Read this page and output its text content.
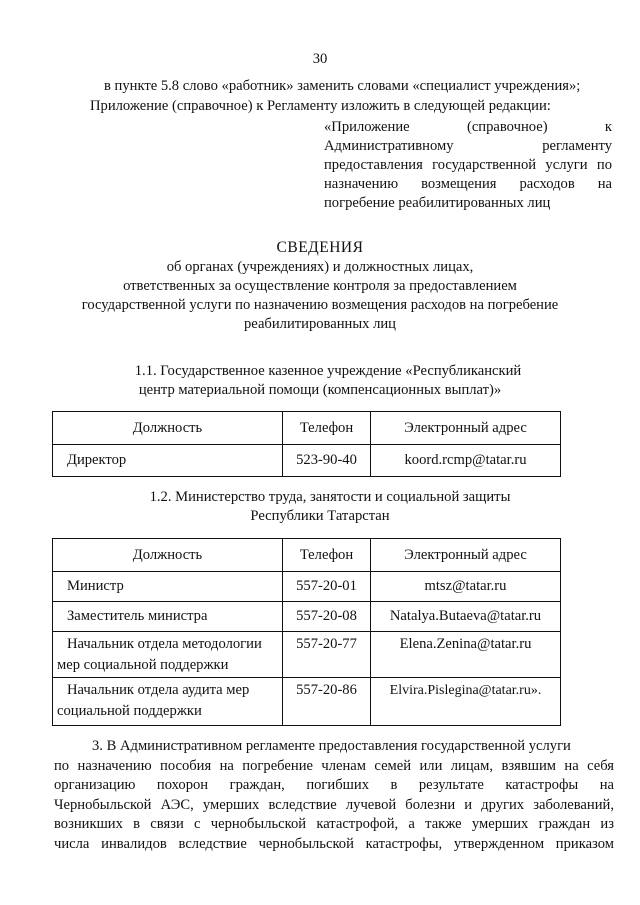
30
в пункте 5.8 слово «работник» заменить словами «специалист учреждения»;
Приложение (справочное) к Регламенту изложить в следующей редакции:
«Приложение (справочное) к
Административному регламенту
предоставления государственной услуги по
назначению возмещения расходов на
погребение реабилитированных лиц
СВЕДЕНИЯ
об органах (учреждениях) и должностных лицах,
ответственных за осуществление контроля за предоставлением
государственной услуги по назначению возмещения расходов на погребение
реабилитированных лиц
1.1. Государственное казенное учреждение «Республиканский
центр материальной помощи (компенсационных выплат)»
Должность	Телефон	Электронный адрес
Директор	523-90-40	koord.rcmp@tatar.ru
1.2. Министерство труда, занятости и социальной защиты
Республики Татарстан
Должность	Телефон	Электронный адрес
Министр	557-20-01	mtsz@tatar.ru
Заместитель министра	557-20-08	Natalya.Butaeva@tatar.ru

Начальник отдела методологии
мер социальной поддержки	557-20-77	Elena.Zenina@tatar.ru

Начальник отдела аудита мер
социальной поддержки	557-20-86	Elvira.Pislegina@tatar.ru».
3. В Административном регламенте предоставления государственной услуги
по назначению пособия на погребение членам семей или лицам, взявшим на себя
организацию похорон граждан, погибших в результате катастрофы на
Чернобыльской АЭС, умерших вследствие лучевой болезни и других заболеваний,
возникших в связи с чернобыльской катастрофой, а также умерших граждан из
числа инвалидов вследствие чернобыльской катастрофы, утвержденном приказом
